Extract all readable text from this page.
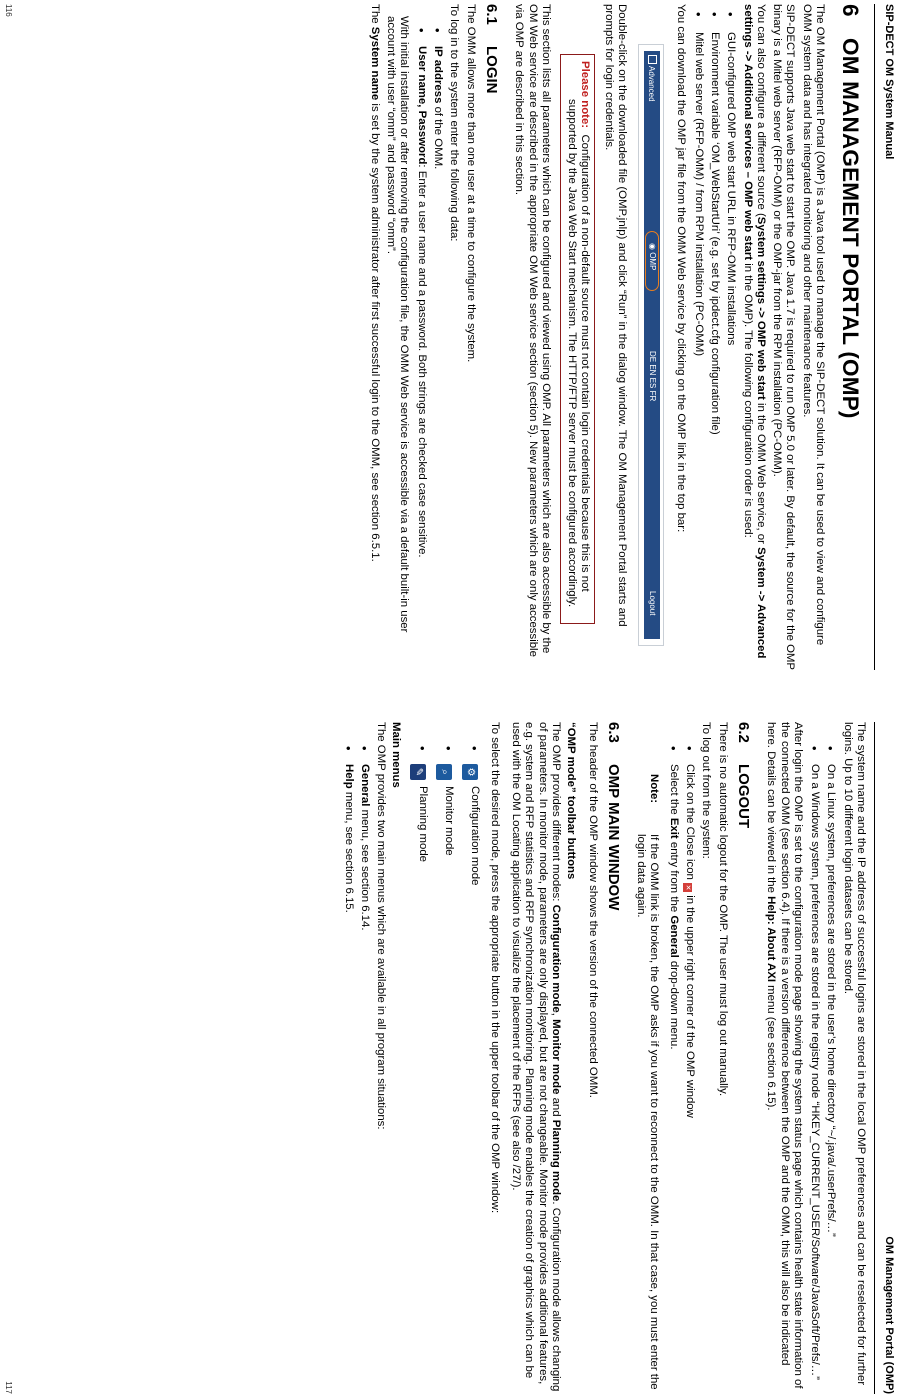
SIP-DECT OM System Manual
116	6OM MANAGEMENT PORTAL (OMP)

The OM Management Portal (OMP) is a Java tool used to manage the SIP-DECT solution. It can be used to view and configure OMM system data and has integrated monitoring and other maintenance features.

SIP-DECT supports Java web start to start the OMP. Java 1.7 is required to run OMP 5.0 or later. By default, the source for the OMP binary is a Mitel web server (RFP-OMM) or the OMP-jar from the RPM installation (PC-OMM).

You can also configure a different source (System settings -> OMP web start in the OMM Web service, or System -> Advanced settings -> Additional services – OMP web start in the OMP). The following configuration order is used:

•
GUI-configured OMP web start URL in RFP-OMM installations
•
Environment variable ‘OM_WebStartUri’ (e.g. set by ipdect.cfg configuration file)
•
Mitel web server (RFP-OMM) / from RPM installation (PC-OMM)

You can download the OMP jar file from the OMM Web service by clicking on the OMP link in the top bar:

Advanced
◉ OMP
DE EN ES FR
Logout

Double-click on the downloaded file (OMP.jnlp) and click “Run” in the dialog window. The OM Management Portal starts and prompts for login credentials.

Please note:  Configuration of a non-default source must not contain login credentials because this is not supported by the Java Web Start mechanism. The HTTP/FTP server must be configured accordingly.

This section lists all parameters which can be configured and viewed using OMP. All parameters which are also accessible by the OM Web service are described in the appropriate OM Web service section (section 5). New parameters which are only accessible via OMP are described in this section.

6.1LOGIN

The OMM allows more than one user at a time to configure the system.

To log in to the system enter the following data:

•
IP address of the OMM.
•
User name, Password: Enter a user name and a password. Both strings are checked case sensitive.

With initial installation or after removing the configuration file, the OMM Web service is accessible via a default built-in user account with user “omm” and password “omm”.

The System name is set by the system administrator after first successful login to the OMM, see section 6.5.1.

OM Management Portal (OMP)
117

The system name and the IP address of successful logins are stored in the local OMP preferences and can be reselected for further logins. Up to 10 different login datasets can be stored.

•
On a Linux system, preferences are stored in the user’s home directory “~/.java/.userPrefs/…”
•
On a Windows system, preferences are stored in the registry node “HKEY_CURRENT_USER/Software/JavaSoft/Prefs/…”

After login the OMP is set to the configuration mode page showing the system status page which contains health state information of the connected OMM (see section 6.4). If there is a version difference between the OMP and the OMM, this will also be indicated here. Details can be viewed in the Help: About AXI menu (see section 6.15).

6.2LOGOUT

There is no automatic logout for the OMP. The user must log out manually.

To log out from the system:

•
Click on the Close icon ✕ in the upper right corner of the OMP window
•
Select the Exit entry from the General drop-down menu.
Note:If the OMM link is broken, the OMP asks if you want to reconnect to the OMM. In that case, you must enter the login data again.
6.3OMP MAIN WINDOW

The header of the OMP window shows the version of the connected OMM.

“OMP mode” toolbar buttons

The OMP provides different modes: Configuration mode, Monitor mode and Planning mode. Configuration mode allows changing of parameters. In monitor mode, parameters are only displayed, but are not changeable. Monitor mode provides additional features, e.g. system and RFP statistics and RFP synchronization monitoring. Planning mode enables the creation of graphics which can be used with the OM Locating application to visualize the placement of the RFPs (see also /27/).

To select the desired mode, press the appropriate button in the upper toolbar of the OMP window:

•
⚙Configuration mode
•
⌕Monitor mode
•
✎Planning mode
Main menus

The OMP provides two main menus which are available in all program situations:

•
General menu, see section 6.14.
•
Help menu, see section 6.15.
